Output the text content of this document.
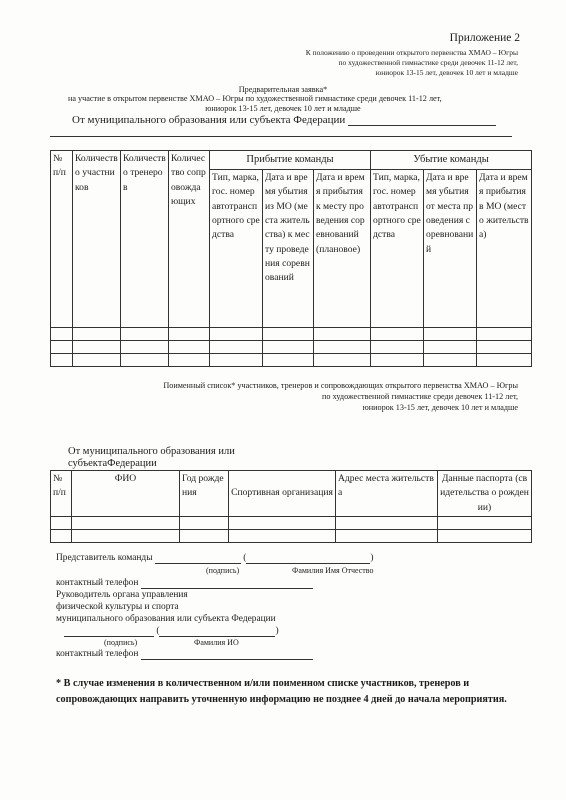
Приложение 2
К положению о проведении открытого первенства ХМАО – Югры
по художественной гимнастике среди девочек 11-12 лет,
юниорок 13-15 лет, девочек 10 лет и младше
Предварительная заявка*
на участие в открытом первенстве ХМАО – Югры по художественной гимнастике среди девочек 11-12 лет,
юниорок 13-15 лет, девочек 10 лет и младше
От муниципального образования или субъекта Федерации
№ п/п	Количество участников	Количество тренеров	Количество сопровождающих	Прибытие команды			Убытие команды		
				Тип, марка, гос. номер автотранспортного средства	Дата и время убытия из МО (места жительства) к месту проведения соревнований	Дата и время прибытия к месту проведения соревнований (плановое)	Тип, марка, гос. номер автотранспортного средства	Дата и время убытия от места проведения соревнований	Дата и время прибытия в МО (место жительства)

Поименный список* участников, тренеров и сопровождающих открытого первенства ХМАО – Югры
по художественной гимнастике среди девочек 11-12 лет,
юниорок 13-15 лет, девочек 10 лет и младше
От муниципального образования или
субъектаФедерации
№ п/п	ФИО	Год рождения	Спортивная организация	Адрес места жительства	Данные паспорта (свидетельства о рождении)

Представитель команды	(	)
(подпись)	Фамилия Имя Отчество
контактный телефон
Руководитель органа управления
физической культуры и спорта
муниципального образования или субъекта Федерации
(	)
(подпись)	Фамилия ИО
контактный телефон
* В случае изменения в количественном и/или поименном списке участников, тренеров и сопровождающих направить уточненную информацию не позднее 4 дней до начала мероприятия.
